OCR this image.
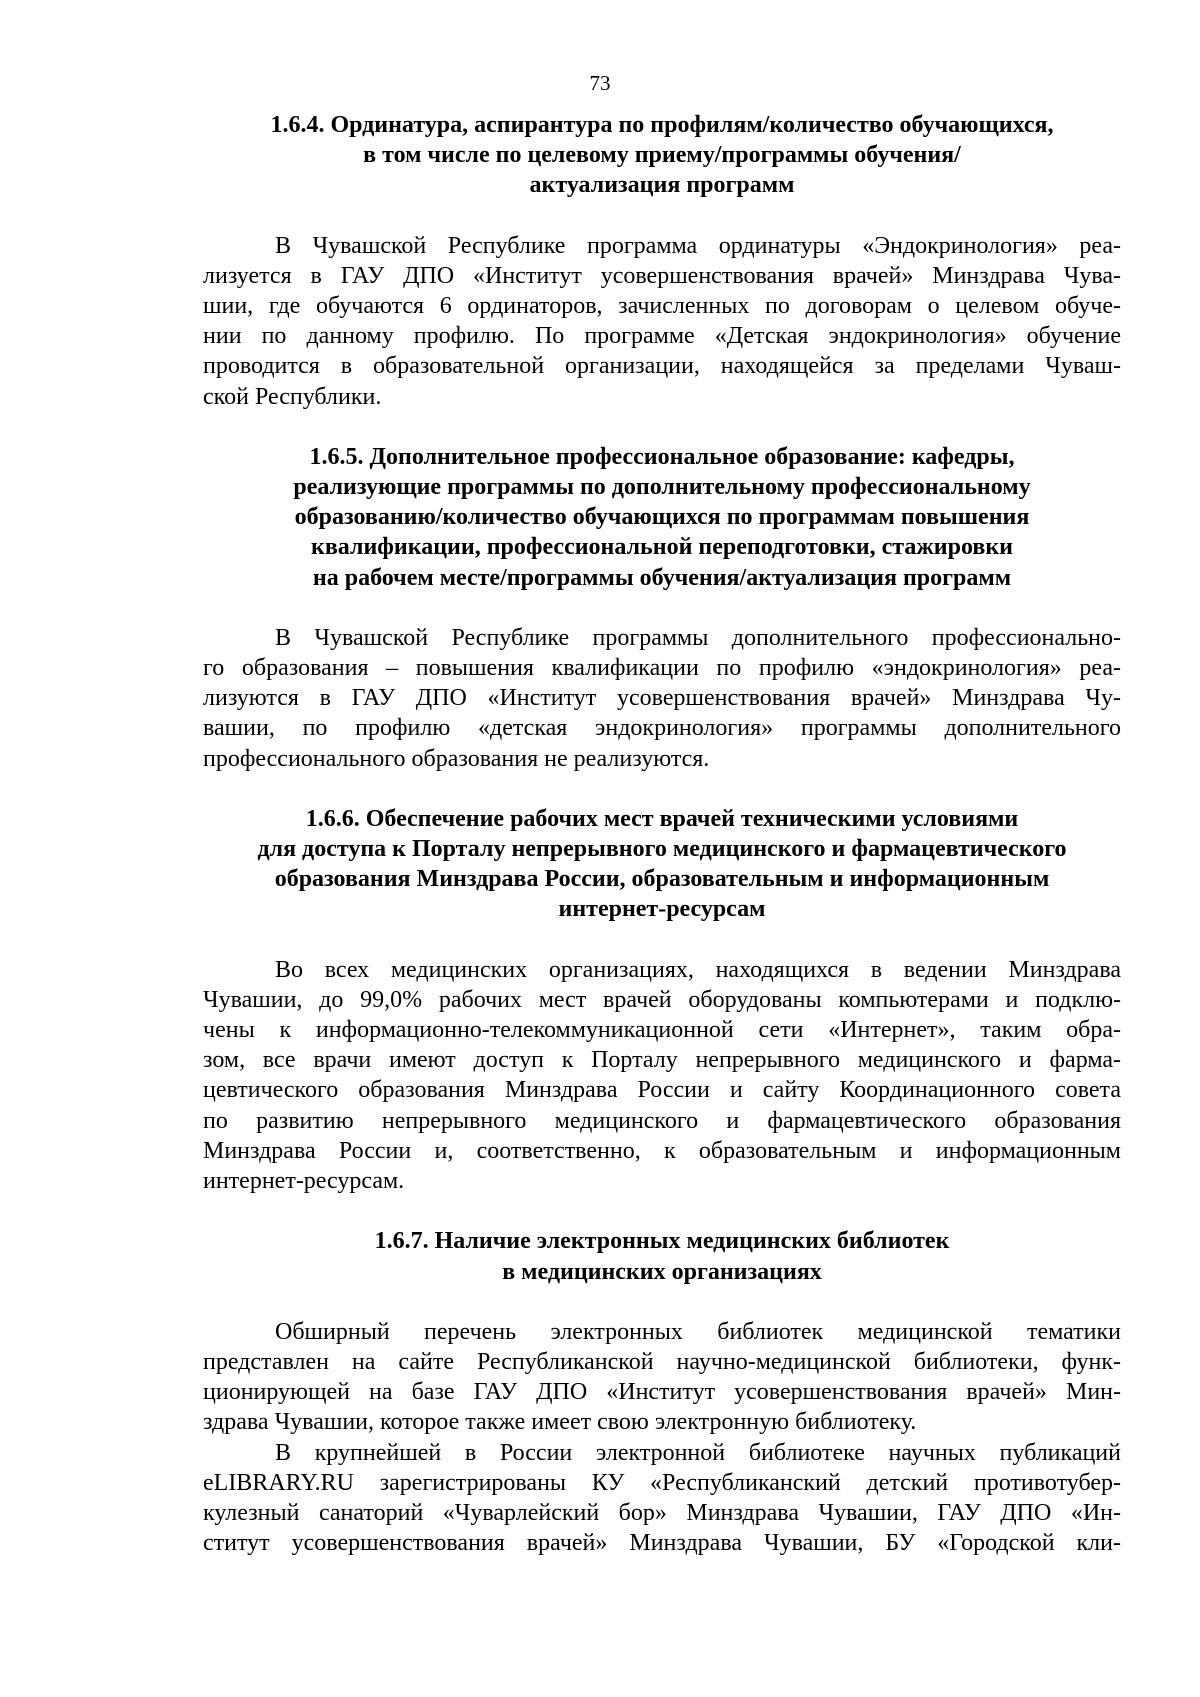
73
1.6.4. Ординатура, аспирантура по профилям/количество обучающихся,
в том числе по целевому приему/программы обучения/
актуализация программ
В Чувашской Республике программа ординатуры «Эндокринология» реа-
лизуется в ГАУ ДПО «Институт усовершенствования врачей» Минздрава Чува-
шии, где обучаются 6 ординаторов, зачисленных по договорам о целевом обуче-
нии по данному профилю. По программе «Детская эндокринология» обучение
проводится в образовательной организации, находящейся за пределами Чуваш-
ской Республики.
1.6.5. Дополнительное профессиональное образование: кафедры,
реализующие программы по дополнительному профессиональному
образованию/количество обучающихся по программам повышения
квалификации, профессиональной переподготовки, стажировки
на рабочем месте/программы обучения/актуализация программ
В Чувашской Республике программы дополнительного профессионально-
го образования – повышения квалификации по профилю «эндокринология» реа-
лизуются в ГАУ ДПО «Институт усовершенствования врачей» Минздрава Чу-
вашии, по профилю «детская эндокринология» программы дополнительного
профессионального образования не реализуются.
1.6.6. Обеспечение рабочих мест врачей техническими условиями
для доступа к Порталу непрерывного медицинского и фармацевтического
образования Минздрава России, образовательным и информационным
интернет-ресурсам
Во всех медицинских организациях, находящихся в ведении Минздрава
Чувашии, до 99,0% рабочих мест врачей оборудованы компьютерами и подклю-
чены к информационно-телекоммуникационной сети «Интернет», таким обра-
зом, все врачи имеют доступ к Порталу непрерывного медицинского и фарма-
цевтического образования Минздрава России и сайту Координационного совета
по развитию непрерывного медицинского и фармацевтического образования
Минздрава России и, соответственно, к образовательным и информационным
интернет-ресурсам.
1.6.7. Наличие электронных медицинских библиотек
в медицинских организациях
Обширный перечень электронных библиотек медицинской тематики
представлен на сайте Республиканской научно-медицинской библиотеки, функ-
ционирующей на базе ГАУ ДПО «Институт усовершенствования врачей» Мин-
здрава Чувашии, которое также имеет свою электронную библиотеку.
В крупнейшей в России электронной библиотеке научных публикаций
eLIBRARY.RU зарегистрированы КУ «Республиканский детский противотубер-
кулезный санаторий «Чуварлейский бор» Минздрава Чувашии, ГАУ ДПО «Ин-
ститут усовершенствования врачей» Минздрава Чувашии, БУ «Городской кли-
